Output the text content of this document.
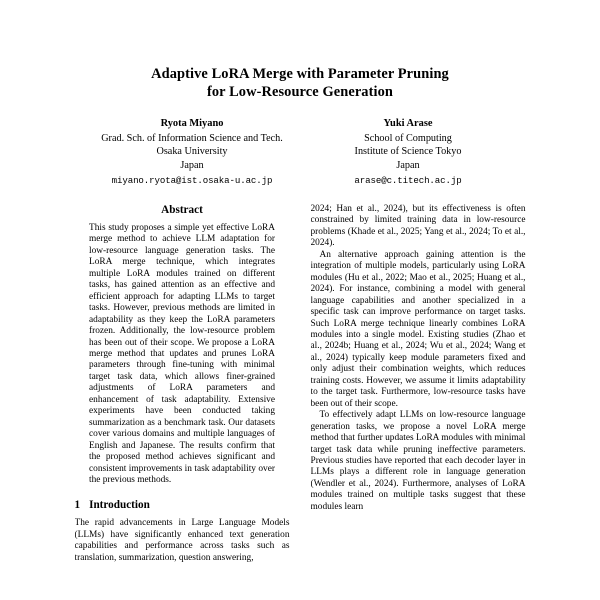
Adaptive LoRA Merge with Parameter Pruning
for Low-Resource Generation
Ryota Miyano
Grad. Sch. of Information Science and Tech.
Osaka University
Japan
miyano.ryota@ist.osaka-u.ac.jp
Yuki Arase
School of Computing
Institute of Science Tokyo
Japan
arase@c.titech.ac.jp
Abstract

This study proposes a simple yet effective LoRA merge method to achieve LLM adaptation for low-resource language generation tasks. The LoRA merge technique, which integrates multiple LoRA modules trained on different tasks, has gained attention as an effective and efficient approach for adapting LLMs to target tasks. However, previous methods are limited in adaptability as they keep the LoRA parameters frozen. Additionally, the low-resource problem has been out of their scope. We propose a LoRA merge method that updates and prunes LoRA parameters through fine-tuning with minimal target task data, which allows finer-grained adjustments of LoRA parameters and enhancement of task adaptability. Extensive experiments have been conducted taking summarization as a benchmark task. Our datasets cover various domains and multiple languages of English and Japanese. The results confirm that the proposed method achieves significant and consistent improvements in task adaptability over the previous methods.

1 Introduction

The rapid advancements in Large Language Models (LLMs) have significantly enhanced text generation capabilities and performance across tasks such as translation, summarization, question answering,

2024; Han et al., 2024), but its effectiveness is often constrained by limited training data in low-resource problems (Khade et al., 2025; Yang et al., 2024; To et al., 2024).

An alternative approach gaining attention is the integration of multiple models, particularly using LoRA modules (Hu et al., 2022; Mao et al., 2025; Huang et al., 2024). For instance, combining a model with general language capabilities and another specialized in a specific task can improve performance on target tasks. Such LoRA merge technique linearly combines LoRA modules into a single model. Existing studies (Zhao et al., 2024b; Huang et al., 2024; Wu et al., 2024; Wang et al., 2024) typically keep module parameters fixed and only adjust their combination weights, which reduces training costs. However, we assume it limits adaptability to the target task. Furthermore, low-resource tasks have been out of their scope.

To effectively adapt LLMs on low-resource language generation tasks, we propose a novel LoRA merge method that further updates LoRA modules with minimal target task data while pruning ineffective parameters. Previous studies have reported that each decoder layer in LLMs plays a different role in language generation (Wendler et al., 2024). Furthermore, analyses of LoRA modules trained on multiple tasks suggest that these modules learn
